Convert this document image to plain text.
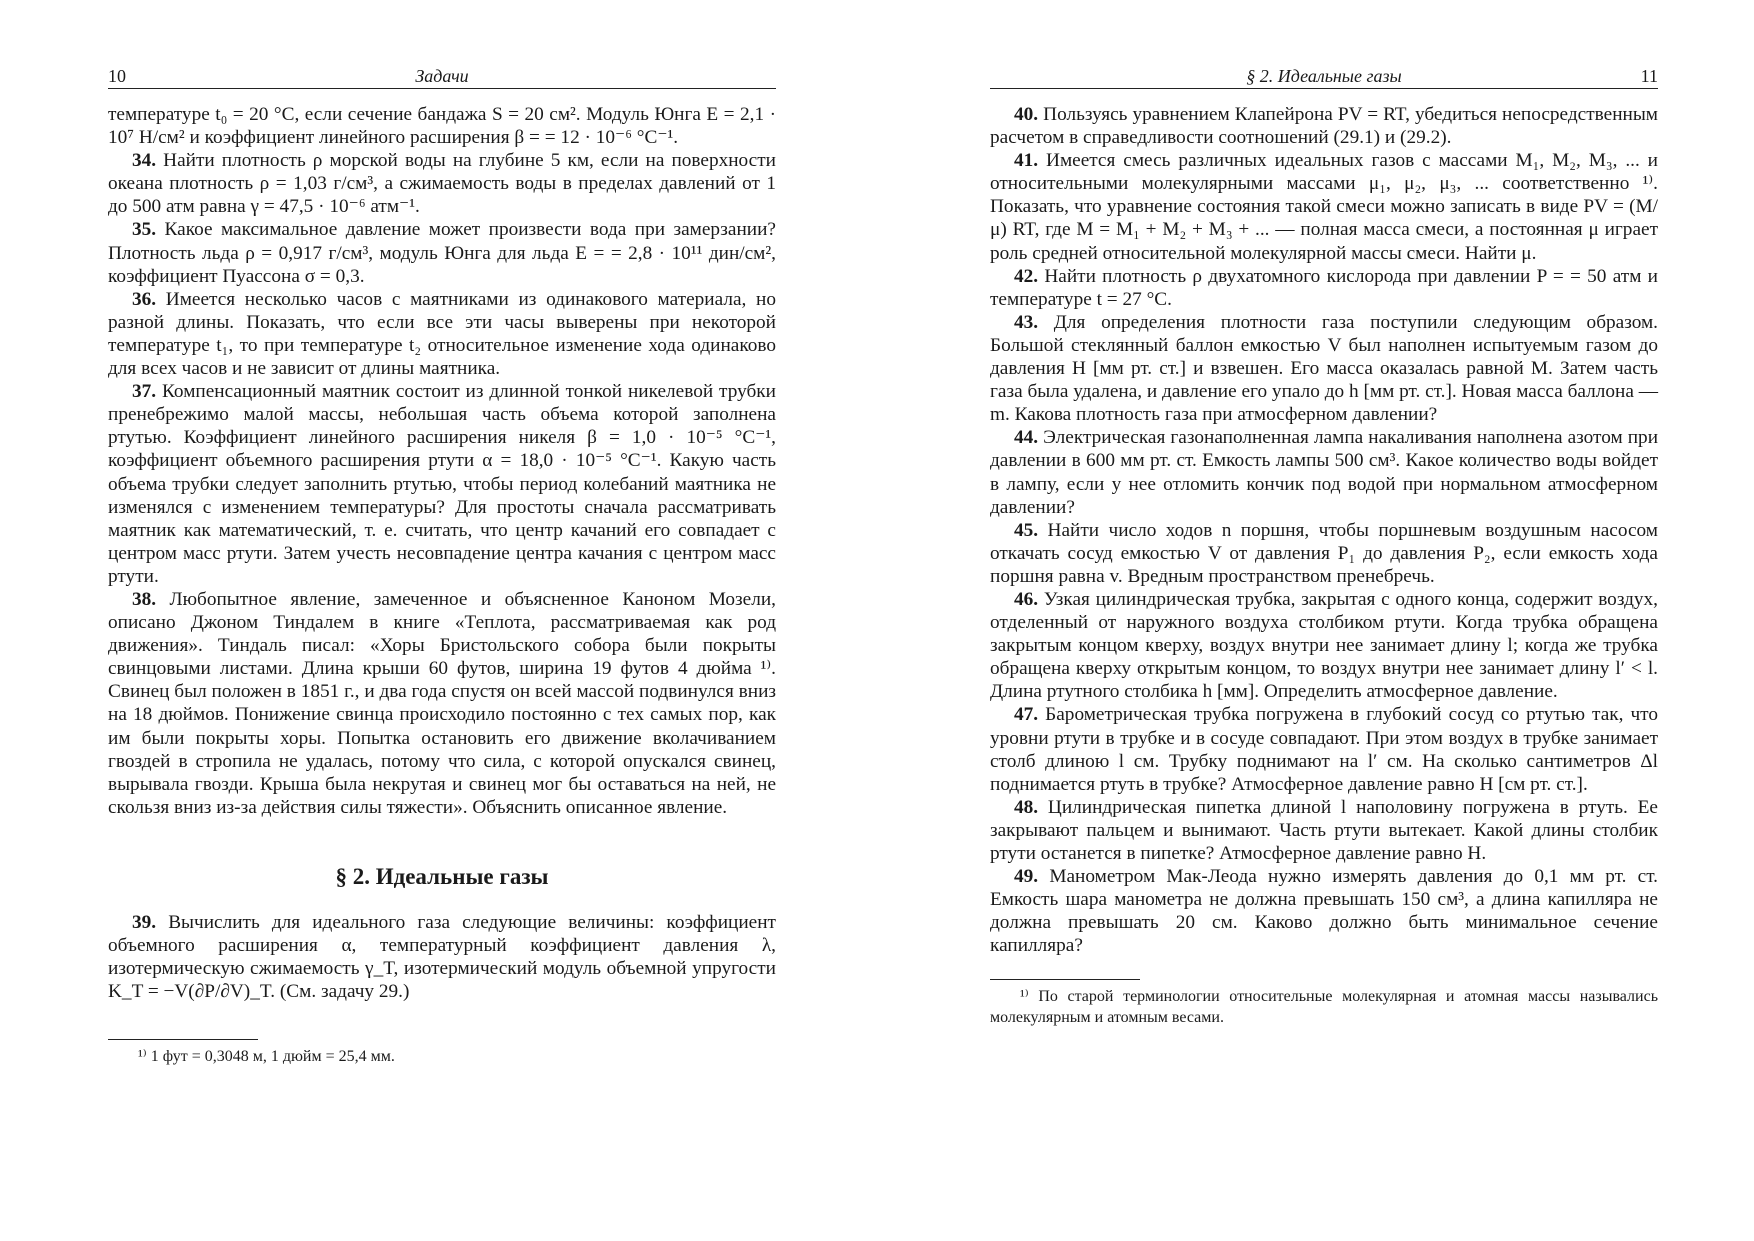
10	Задачи

температуре t₀ = 20 °C, если сечение бандажа S = 20 см². Модуль Юнга E = 2,1 · 10⁷ Н/см² и коэффициент линейного расширения β = = 12 · 10⁻⁶ °C⁻¹.

34. Найти плотность ρ морской воды на глубине 5 км, если на поверхности океана плотность ρ = 1,03 г/см³, а сжимаемость воды в пределах давлений от 1 до 500 атм равна γ = 47,5 · 10⁻⁶ атм⁻¹.

35. Какое максимальное давление может произвести вода при замерзании? Плотность льда ρ = 0,917 г/см³, модуль Юнга для льда E = = 2,8 · 10¹¹ дин/см², коэффициент Пуассона σ = 0,3.

36. Имеется несколько часов с маятниками из одинакового материала, но разной длины. Показать, что если все эти часы выверены при некоторой температуре t₁, то при температуре t₂ относительное изменение хода одинаково для всех часов и не зависит от длины маятника.

37. Компенсационный маятник состоит из длинной тонкой никелевой трубки пренебрежимо малой массы, небольшая часть объема которой заполнена ртутью. Коэффициент линейного расширения никеля β = 1,0 · 10⁻⁵ °C⁻¹, коэффициент объемного расширения ртути α = 18,0 · 10⁻⁵ °C⁻¹. Какую часть объема трубки следует заполнить ртутью, чтобы период колебаний маятника не изменялся с изменением температуры? Для простоты сначала рассматривать маятник как математический, т. е. считать, что центр качаний его совпадает с центром масс ртути. Затем учесть несовпадение центра качания с центром масс ртути.

38. Любопытное явление, замеченное и объясненное Каноном Мозели, описано Джоном Тиндалем в книге «Теплота, рассматриваемая как род движения». Тиндаль писал: «Хоры Бристольского собора были покрыты свинцовыми листами. Длина крыши 60 футов, ширина 19 футов 4 дюйма ¹⁾. Свинец был положен в 1851 г., и два года спустя он всей массой подвинулся вниз на 18 дюймов. Понижение свинца происходило постоянно с тех самых пор, как им были покрыты хоры. Попытка остановить его движение вколачиванием гвоздей в стропила не удалась, потому что сила, с которой опускался свинец, вырывала гвозди. Крыша была некрутая и свинец мог бы оставаться на ней, не скользя вниз из-за действия силы тяжести». Объяснить описанное явление.

§ 2. Идеальные газы

39. Вычислить для идеального газа следующие величины: коэффициент объемного расширения α, температурный коэффициент давления λ, изотермическую сжимаемость γ_T, изотермический модуль объемной упругости K_T = −V(∂P/∂V)_T. (См. задачу 29.)

¹⁾ 1 фут = 0,3048 м, 1 дюйм = 25,4 мм.
§ 2. Идеальные газы	11

40. Пользуясь уравнением Клапейрона PV = RT, убедиться непосредственным расчетом в справедливости соотношений (29.1) и (29.2).

41. Имеется смесь различных идеальных газов с массами M₁, M₂, M₃, ... и относительными молекулярными массами μ₁, μ₂, μ₃, ... соответственно ¹⁾. Показать, что уравнение состояния такой смеси можно записать в виде PV = (M/μ) RT, где M = M₁ + M₂ + M₃ + ... — полная масса смеси, а постоянная μ играет роль средней относительной молекулярной массы смеси. Найти μ.

42. Найти плотность ρ двухатомного кислорода при давлении P = = 50 атм и температуре t = 27 °C.

43. Для определения плотности газа поступили следующим образом. Большой стеклянный баллон емкостью V был наполнен испытуемым газом до давления H [мм рт. ст.] и взвешен. Его масса оказалась равной M. Затем часть газа была удалена, и давление его упало до h [мм рт. ст.]. Новая масса баллона — m. Какова плотность газа при атмосферном давлении?

44. Электрическая газонаполненная лампа накаливания наполнена азотом при давлении в 600 мм рт. ст. Емкость лампы 500 см³. Какое количество воды войдет в лампу, если у нее отломить кончик под водой при нормальном атмосферном давлении?

45. Найти число ходов n поршня, чтобы поршневым воздушным насосом откачать сосуд емкостью V от давления P₁ до давления P₂, если емкость хода поршня равна v. Вредным пространством пренебречь.

46. Узкая цилиндрическая трубка, закрытая с одного конца, содержит воздух, отделенный от наружного воздуха столбиком ртути. Когда трубка обращена закрытым концом кверху, воздух внутри нее занимает длину l; когда же трубка обращена кверху открытым концом, то воздух внутри нее занимает длину l′ < l. Длина ртутного столбика h [мм]. Определить атмосферное давление.

47. Барометрическая трубка погружена в глубокий сосуд со ртутью так, что уровни ртути в трубке и в сосуде совпадают. При этом воздух в трубке занимает столб длиною l см. Трубку поднимают на l′ см. На сколько сантиметров Δl поднимается ртуть в трубке? Атмосферное давление равно H [см рт. ст.].

48. Цилиндрическая пипетка длиной l наполовину погружена в ртуть. Ее закрывают пальцем и вынимают. Часть ртути вытекает. Какой длины столбик ртути останется в пипетке? Атмосферное давление равно H.

49. Манометром Мак-Леода нужно измерять давления до 0,1 мм рт. ст. Емкость шара манометра не должна превышать 150 см³, а длина капилляра не должна превышать 20 см. Каково должно быть минимальное сечение капилляра?

¹⁾ По старой терминологии относительные молекулярная и атомная массы назывались молекулярным и атомным весами.
